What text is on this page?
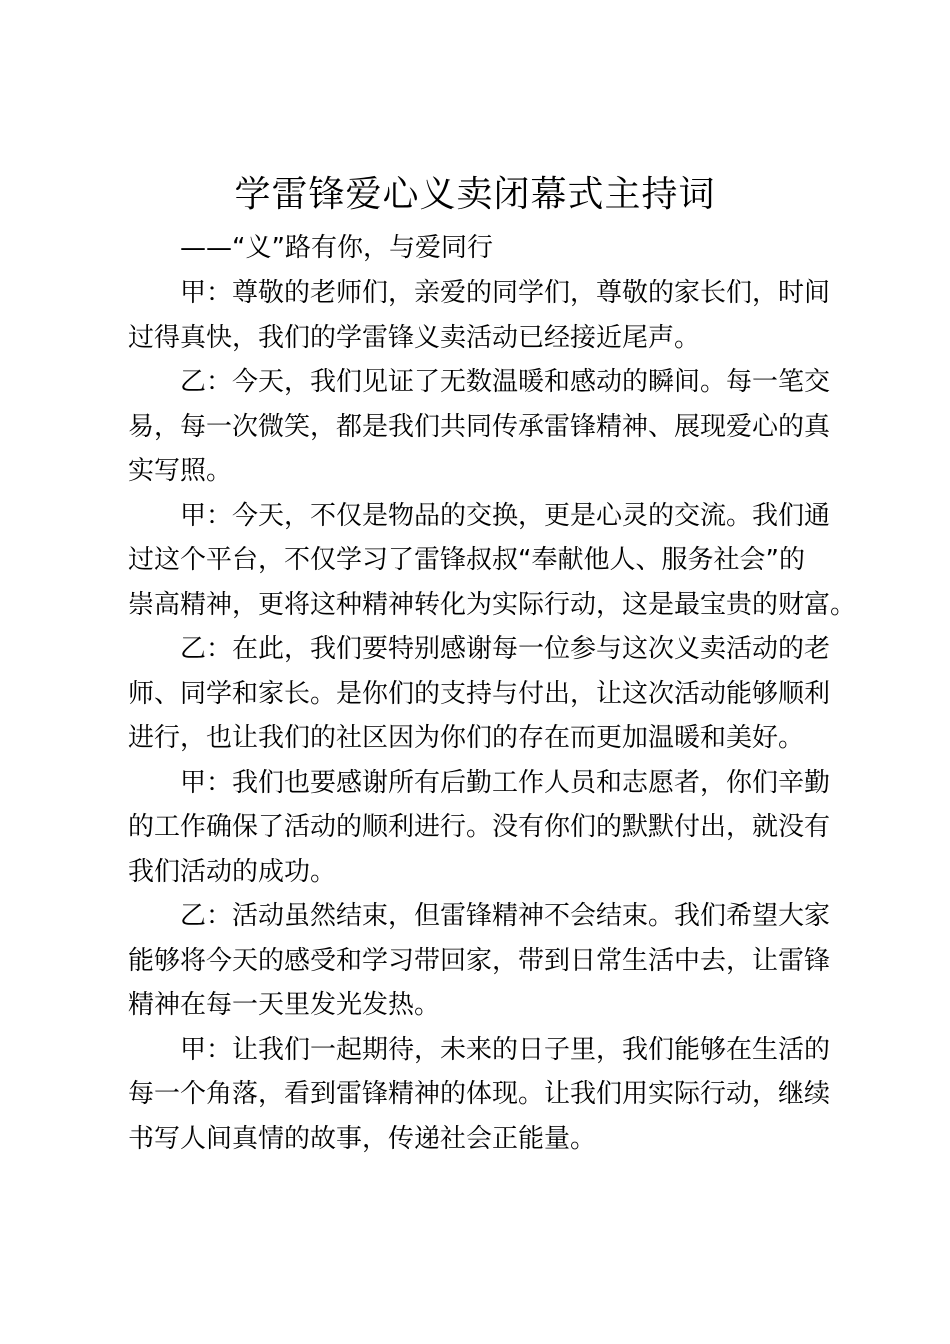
学雷锋爱心义卖闭幕式主持词
——“义”路有你，与爱同行

甲：尊敬的老师们，亲爱的同学们，尊敬的家长们，时间
过得真快，我们的学雷锋义卖活动已经接近尾声。

乙：今天，我们见证了无数温暖和感动的瞬间。每一笔交
易，每一次微笑，都是我们共同传承雷锋精神、展现爱心的真
实写照。

甲：今天，不仅是物品的交换，更是心灵的交流。我们通
过这个平台，不仅学习了雷锋叔叔“奉献他人、服务社会”的
崇高精神，更将这种精神转化为实际行动，这是最宝贵的财富。

乙：在此，我们要特别感谢每一位参与这次义卖活动的老
师、同学和家长。是你们的支持与付出，让这次活动能够顺利
进行，也让我们的社区因为你们的存在而更加温暖和美好。

甲：我们也要感谢所有后勤工作人员和志愿者，你们辛勤
的工作确保了活动的顺利进行。没有你们的默默付出，就没有
我们活动的成功。

乙：活动虽然结束，但雷锋精神不会结束。我们希望大家
能够将今天的感受和学习带回家，带到日常生活中去，让雷锋
精神在每一天里发光发热。

甲：让我们一起期待，未来的日子里，我们能够在生活的
每一个角落，看到雷锋精神的体现。让我们用实际行动，继续
书写人间真情的故事，传递社会正能量。
